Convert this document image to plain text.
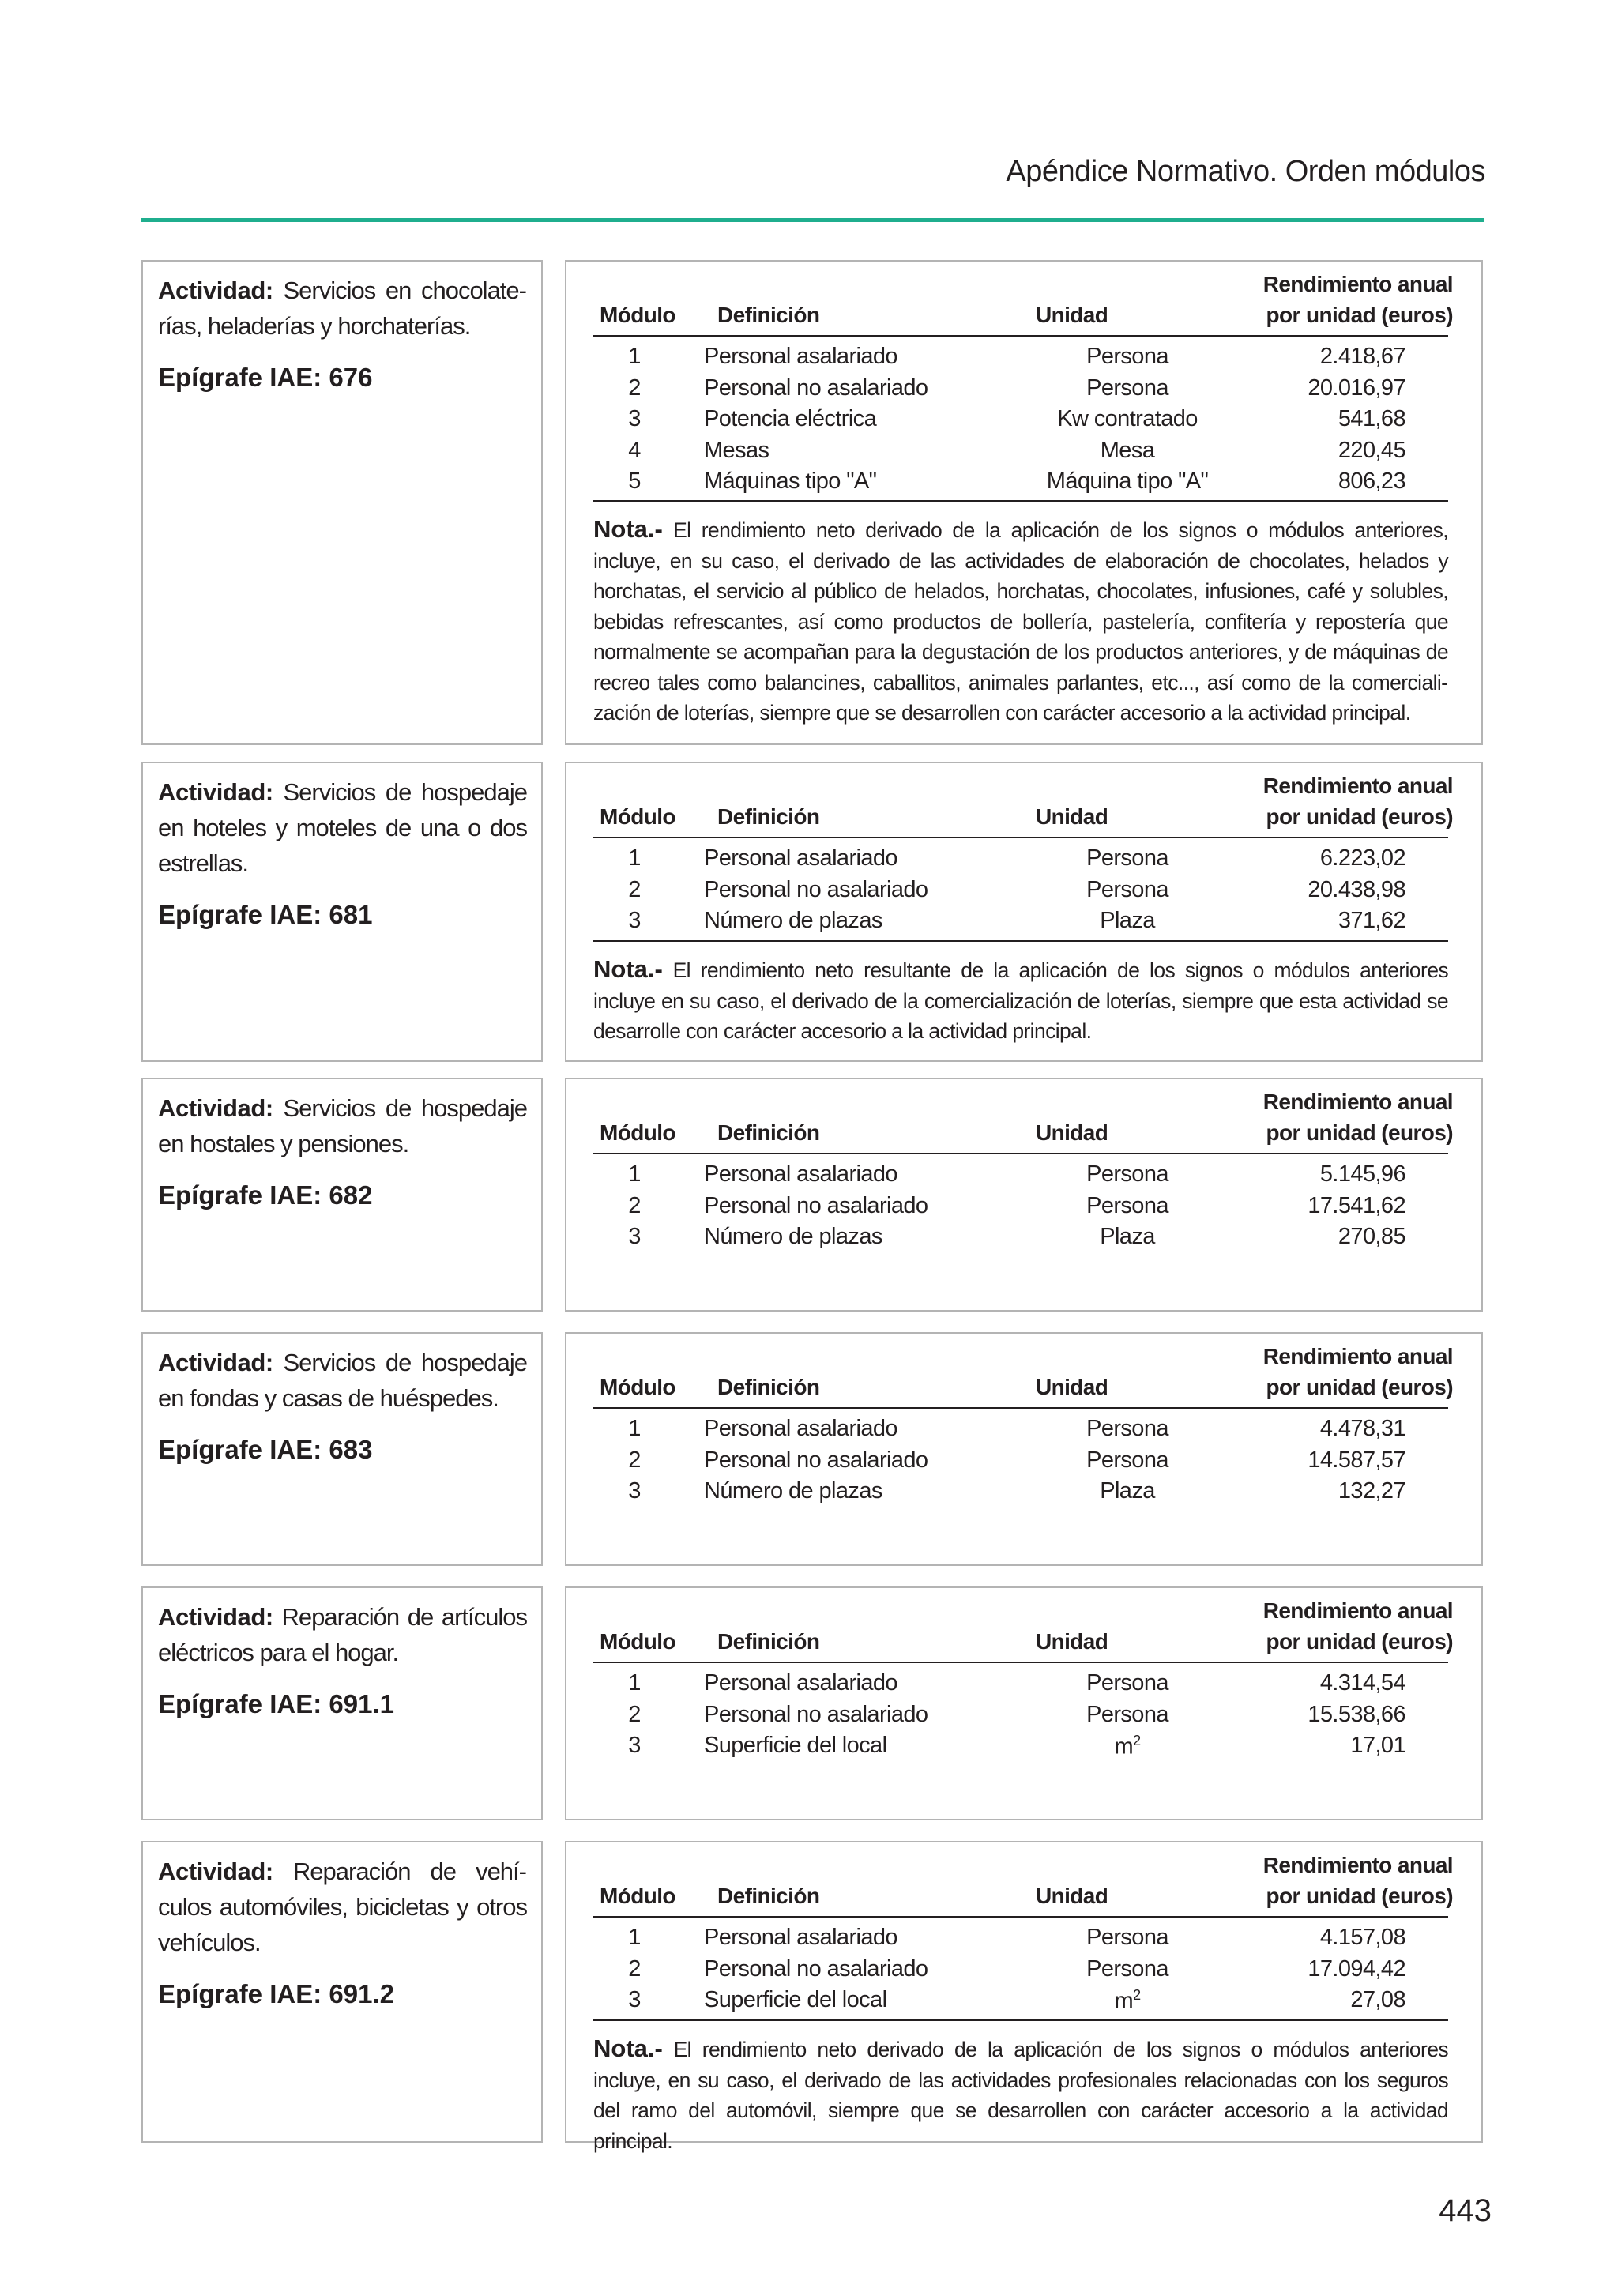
Apéndice Normativo. Orden módulos
Actividad: Servicios en chocolaterías, heladerías y horchaterías.
Epígrafe IAE: 676
Módulo Definición	Unidad
Rendimiento anual
por unidad (euros)
1	Personal asalariado	Persona	2.418,67
2	Personal no asalariado	Persona	20.016,97
3	Potencia eléctrica	Kw contratado	541,68
4	Mesas	Mesa	220,45
5	Máquinas tipo "A"	Máquina tipo "A"	806,23
Nota.- El rendimiento neto derivado de la aplicación de los signos o módulos anteriores, incluye, en su caso, el derivado de las actividades de elaboración de chocolates, helados y horchatas, el servicio al público de helados, horchatas, chocolates, infusiones, café y solubles, bebidas refrescantes, así como productos de bollería, pastelería, confitería y repostería que normalmente se acompañan para la degustación de los productos anteriores, y de máquinas de recreo tales como balancines, caballitos, animales parlantes, etc..., así como de la comercialización de loterías, siempre que se desarrollen con carácter accesorio a la actividad principal.
Actividad: Servicios de hospedaje en hoteles y moteles de una o dos estrellas.
Epígrafe IAE: 681
Módulo Definición	Unidad
Rendimiento anual
por unidad (euros)
1	Personal asalariado	Persona	6.223,02
2	Personal no asalariado	Persona	20.438,98
3	Número de plazas	Plaza	371,62
Nota.- El rendimiento neto resultante de la aplicación de los signos o módulos anteriores incluye en su caso, el derivado de la comercialización de loterías, siempre que esta actividad se desarrolle con carácter accesorio a la actividad principal.
Actividad: Servicios de hospedaje en hostales y pensiones.
Epígrafe IAE: 682
Módulo Definición	Unidad
Rendimiento anual
por unidad (euros)
1	Personal asalariado	Persona	5.145,96
2	Personal no asalariado	Persona	17.541,62
3	Número de plazas	Plaza	270,85
Actividad: Servicios de hospedaje en fondas y casas de huéspedes.
Epígrafe IAE: 683
Módulo Definición	Unidad
Rendimiento anual
por unidad (euros)
1	Personal asalariado	Persona	4.478,31
2	Personal no asalariado	Persona	14.587,57
3	Número de plazas	Plaza	132,27
Actividad: Reparación de artículos eléctricos para el hogar.
Epígrafe IAE: 691.1
Módulo Definición	Unidad
Rendimiento anual
por unidad (euros)
1	Personal asalariado	Persona	4.314,54
2	Personal no asalariado	Persona	15.538,66
3	Superficie del local	$m^2$	17,01
Actividad: Reparación de vehículos automóviles, bicicletas y otros vehículos.
Epígrafe IAE: 691.2
Módulo Definición	Unidad
Rendimiento anual
por unidad (euros)
1	Personal asalariado	Persona	4.157,08
2	Personal no asalariado	Persona	17.094,42
3	Superficie del local	$m^2$	27,08
Nota.- El rendimiento neto derivado de la aplicación de los signos o módulos anteriores incluye, en su caso, el derivado de las actividades profesionales relacionadas con los seguros del ramo del automóvil, siempre que se desarrollen con carácter accesorio a la actividad principal.
443
